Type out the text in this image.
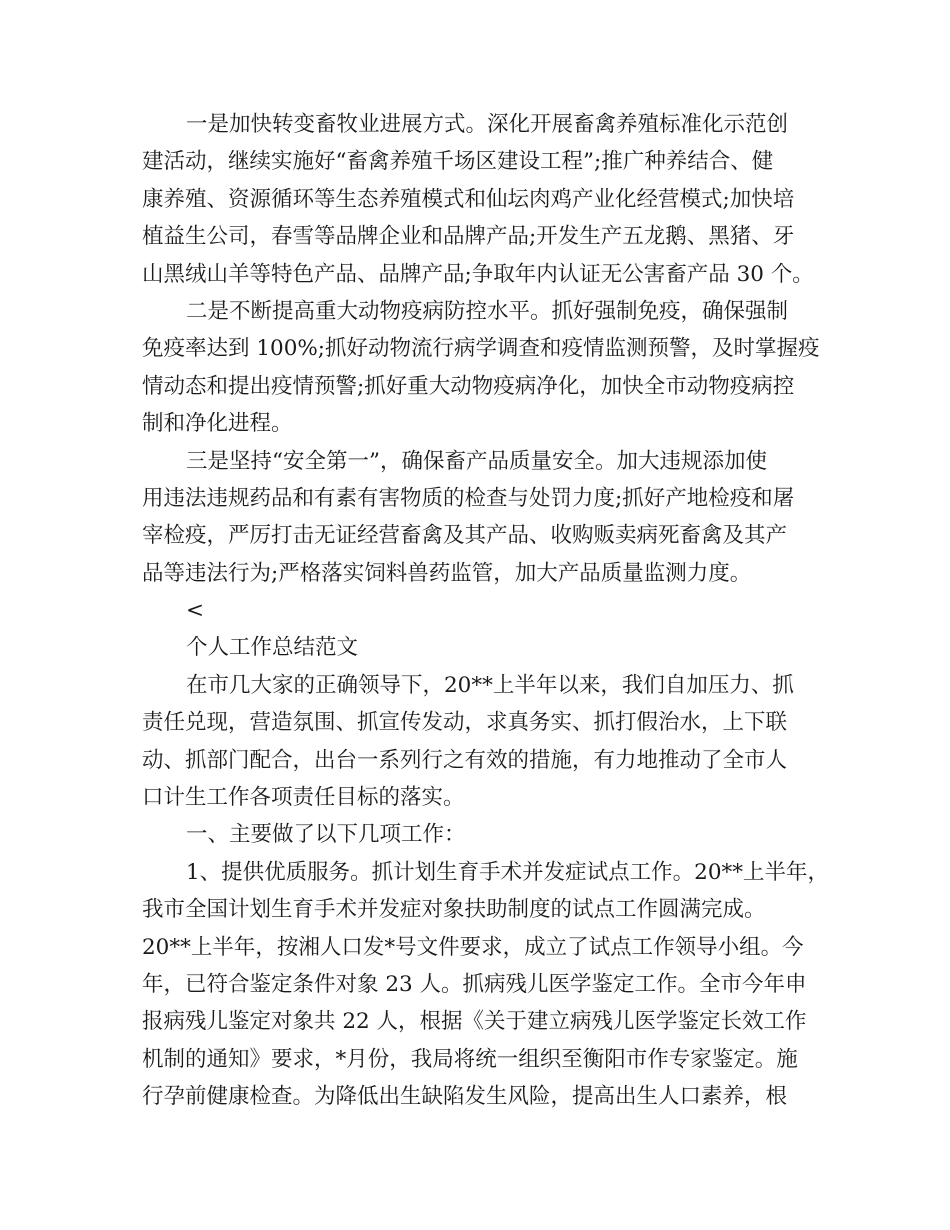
一是加快转变畜牧业进展方式。深化开展畜禽养殖标准化示范创
建活动，继续实施好“畜禽养殖千场区建设工程”;推广种养结合、健
康养殖、资源循环等生态养殖模式和仙坛肉鸡产业化经营模式;加快培
植益生公司，春雪等品牌企业和品牌产品;开发生产五龙鹅、黑猪、牙
山黑绒山羊等特色产品、品牌产品;争取年内认证无公害畜产品 30 个。
二是不断提高重大动物疫病防控水平。抓好强制免疫，确保强制
免疫率达到 100%;抓好动物流行病学调查和疫情监测预警，及时掌握疫
情动态和提出疫情预警;抓好重大动物疫病净化，加快全市动物疫病控
制和净化进程。
三是坚持“安全第一”，确保畜产品质量安全。加大违规添加使
用违法违规药品和有素有害物质的检查与处罚力度;抓好产地检疫和屠
宰检疫，严厉打击无证经营畜禽及其产品、收购贩卖病死畜禽及其产
品等违法行为;严格落实饲料兽药监管，加大产品质量监测力度。
<
个人工作总结范文
在市几大家的正确领导下，20**上半年以来，我们自加压力、抓
责任兑现，营造氛围、抓宣传发动，求真务实、抓打假治水，上下联
动、抓部门配合，出台一系列行之有效的措施，有力地推动了全市人
口计生工作各项责任目标的落实。
一、主要做了以下几项工作：
1、提供优质服务。抓计划生育手术并发症试点工作。20**上半年，
我市全国计划生育手术并发症对象扶助制度的试点工作圆满完成。
20**上半年，按湘人口发*号文件要求，成立了试点工作领导小组。今
年，已符合鉴定条件对象 23 人。抓病残儿医学鉴定工作。全市今年申
报病残儿鉴定对象共 22 人，根据《关于建立病残儿医学鉴定长效工作
机制的通知》要求，*月份，我局将统一组织至衡阳市作专家鉴定。施
行孕前健康检查。为降低出生缺陷发生风险，提高出生人口素养，根
